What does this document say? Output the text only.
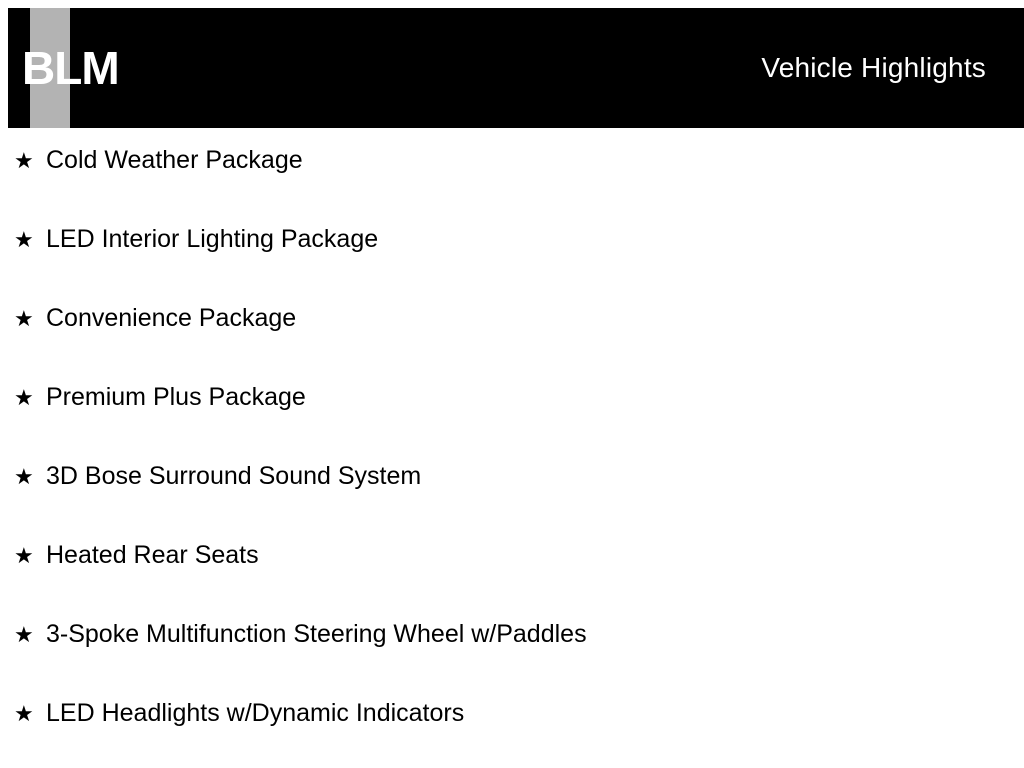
BLM	Vehicle Highlights
★ Cold Weather Package
★ LED Interior Lighting Package
★ Convenience Package
★ Premium Plus Package
★ 3D Bose Surround Sound System
★ Heated Rear Seats
★ 3-Spoke Multifunction Steering Wheel w/Paddles
★ LED Headlights w/Dynamic Indicators
